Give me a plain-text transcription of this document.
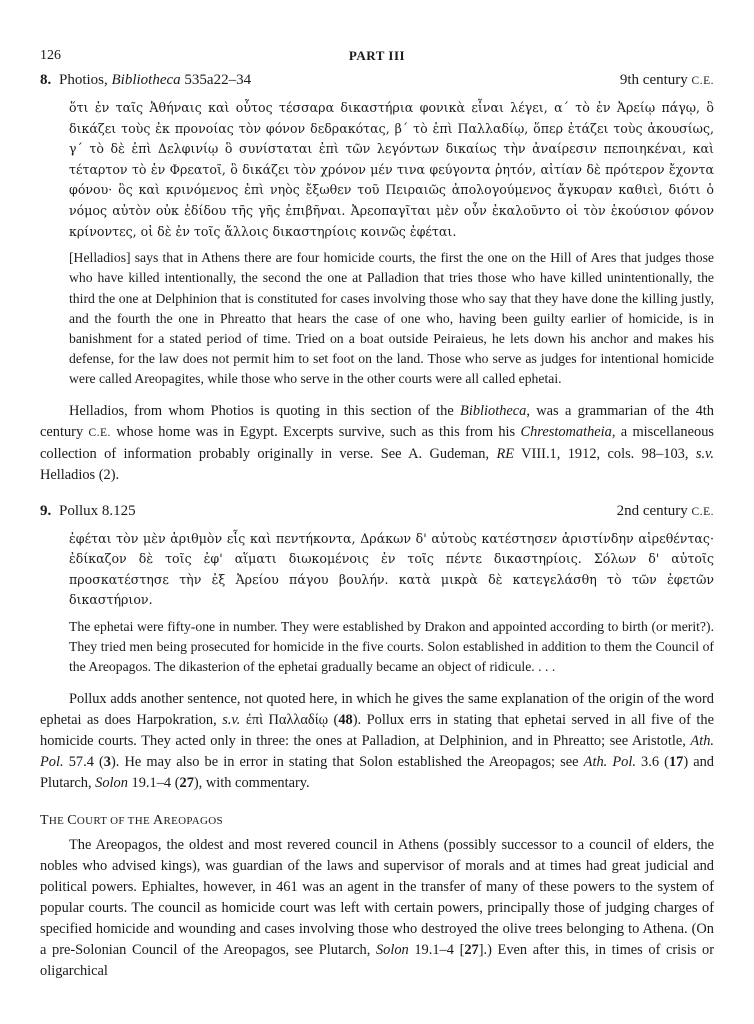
126	PART III
8. Photios, Bibliotheca 535a22–34	9th century C.E.
ὅτι ἐν ταῖς Ἀθήναις καὶ οὗτος τέσσαρα δικαστήρια φονικὰ εἶναι λέγει, α΄ τὸ ἐν Ἀρείῳ πάγῳ, ὃ δικάζει τοὺς ἐκ προνοίας τὸν φόνον δεδρακότας, β΄ τὸ ἐπὶ Παλλαδίῳ, ὅπερ ἐτάζει τοὺς ἀκουσίως, γ΄ τὸ δὲ ἐπὶ Δελφινίῳ ὃ συνίσταται ἐπὶ τῶν λεγόντων δικαίως τὴν ἀναίρεσιν πεποιηκέναι, καὶ τέταρτον τὸ ἐν Φρεατοῖ, ὃ δικάζει τὸν χρόνον μέν τινα φεύγοντα ῥητόν, αἰτίαν δὲ πρότερον ἔχοντα φόνου· ὃς καὶ κρινόμενος ἐπὶ νηὸς ἔξωθεν τοῦ Πειραιῶς ἀπολογούμενος ἄγκυραν καθιεὶ, διότι ὁ νόμος αὐτὸν οὐκ ἐδίδου τῆς γῆς ἐπιβῆναι. Ἀρεοπαγῖται μὲν οὖν ἐκαλοῦντο οἱ τὸν ἑκούσιον φόνον κρίνοντες, οἱ δὲ ἐν τοῖς ἄλλοις δικαστηρίοις κοινῶς ἐφέται.
[Helladios] says that in Athens there are four homicide courts, the first the one on the Hill of Ares that judges those who have killed intentionally, the second the one at Palladion that tries those who have killed unintentionally, the third the one at Delphinion that is constituted for cases involving those who say that they have done the killing justly, and the fourth the one in Phreatto that hears the case of one who, having been guilty earlier of homicide, is in banishment for a stated period of time. Tried on a boat outside Peiraieus, he lets down his anchor and makes his defense, for the law does not permit him to set foot on the land. Those who serve as judges for intentional homicide were called Areopagites, while those who serve in the other courts were all called ephetai.

Helladios, from whom Photios is quoting in this section of the Bibliotheca, was a grammarian of the 4th century C.E. whose home was in Egypt. Excerpts survive, such as this from his Chrestomatheia, a miscellaneous collection of information probably originally in verse. See A. Gudeman, RE VIII.1, 1912, cols. 98–103, s.v. Helladios (2).

9. Pollux 8.125	2nd century C.E.
ἐφέται τὸν μὲν ἀριθμὸν εἷς καὶ πεντήκοντα, Δράκων δ' αὐτοὺς κατέστησεν ἀριστίνδην αἱρεθέντας· ἐδίκαζον δὲ τοῖς ἐφ' αἵματι διωκομένοις ἐν τοῖς πέντε δικαστηρίοις. Σόλων δ' αὐτοῖς προσκατέστησε τὴν ἐξ Ἀρείου πάγου βουλήν. κατὰ μικρὰ δὲ κατεγελάσθη τὸ τῶν ἐφετῶν δικαστήριον.
The ephetai were fifty-one in number. They were established by Drakon and appointed according to birth (or merit?). They tried men being prosecuted for homicide in the five courts. Solon established in addition to them the Council of the Areopagos. The dikasterion of the ephetai gradually became an object of ridicule. . . .

Pollux adds another sentence, not quoted here, in which he gives the same explanation of the origin of the word ephetai as does Harpokration, s.v. ἐπὶ Παλλαδίῳ (48). Pollux errs in stating that ephetai served in all five of the homicide courts. They acted only in three: the ones at Palladion, at Delphinion, and in Phreatto; see Aristotle, Ath. Pol. 57.4 (3). He may also be in error in stating that Solon established the Areopagos; see Ath. Pol. 3.6 (17) and Plutarch, Solon 19.1–4 (27), with commentary.

THE COURT OF THE AREOPAGOS

The Areopagos, the oldest and most revered council in Athens (possibly successor to a council of elders, the nobles who advised kings), was guardian of the laws and supervisor of morals and at times had great judicial and political powers. Ephialtes, however, in 461 was an agent in the transfer of many of these powers to the system of popular courts. The council as homicide court was left with certain powers, principally those of judging charges of specified homicide and wounding and cases involving those who destroyed the olive trees belonging to Athena. (On a pre-Solonian Council of the Areopagos, see Plutarch, Solon 19.1–4 [27].) Even after this, in times of crisis or oligarchical
